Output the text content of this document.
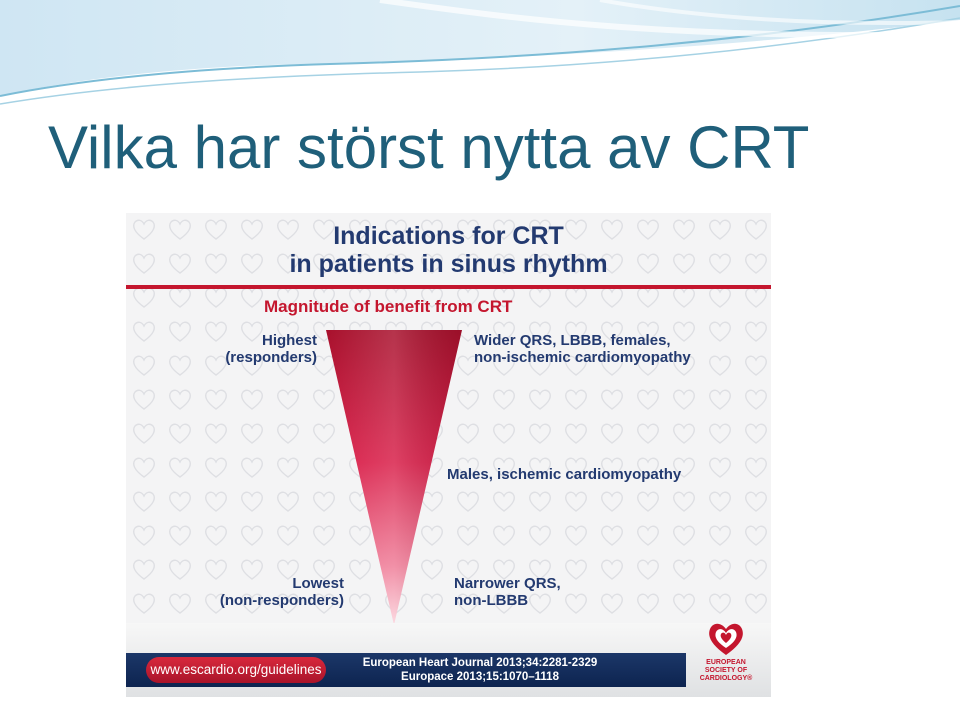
Vilka har störst nytta av CRT
Indications for CRT
in patients in sinus rhythm
Magnitude of benefit from CRT
Highest
(responders)
Wider QRS, LBBB, females,
non-ischemic cardiomyopathy
Males, ischemic cardiomyopathy
Lowest
(non-responders)
Narrower QRS,
non-LBBB
www.escardio.org/guidelines	European Heart Journal 2013;34:2281-2329
Europace 2013;15:1070–1118
EUROPEAN
SOCIETY OF
CARDIOLOGY®
